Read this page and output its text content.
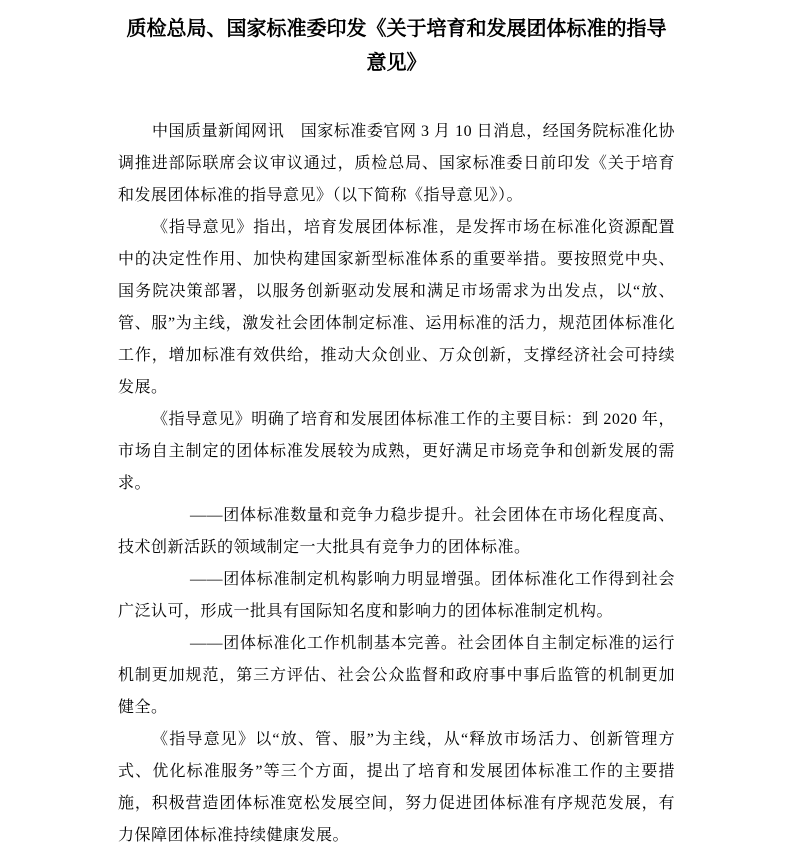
质检总局、国家标准委印发《关于培育和发展团体标准的指导意见》

中国质量新闻网讯　国家标准委官网 3 月 10 日消息，经国务院标准化协调推进部际联席会议审议通过，质检总局、国家标准委日前印发《关于培育和发展团体标准的指导意见》（以下简称《指导意见》）。

《指导意见》指出，培育发展团体标准，是发挥市场在标准化资源配置中的决定性作用、加快构建国家新型标准体系的重要举措。要按照党中央、国务院决策部署，以服务创新驱动发展和满足市场需求为出发点，以“放、管、服”为主线，激发社会团体制定标准、运用标准的活力，规范团体标准化工作，增加标准有效供给，推动大众创业、万众创新，支撑经济社会可持续发展。

《指导意见》明确了培育和发展团体标准工作的主要目标：到 2020 年，市场自主制定的团体标准发展较为成熟，更好满足市场竞争和创新发展的需求。

——团体标准数量和竞争力稳步提升。社会团体在市场化程度高、技术创新活跃的领域制定一大批具有竞争力的团体标准。

——团体标准制定机构影响力明显增强。团体标准化工作得到社会广泛认可，形成一批具有国际知名度和影响力的团体标准制定机构。

——团体标准化工作机制基本完善。社会团体自主制定标准的运行机制更加规范，第三方评估、社会公众监督和政府事中事后监管的机制更加健全。

《指导意见》以“放、管、服”为主线，从“释放市场活力、创新管理方式、优化标准服务”等三个方面，提出了培育和发展团体标准工作的主要措施，积极营造团体标准宽松发展空间，努力促进团体标准有序规范发展，有力保障团体标准持续健康发展。
